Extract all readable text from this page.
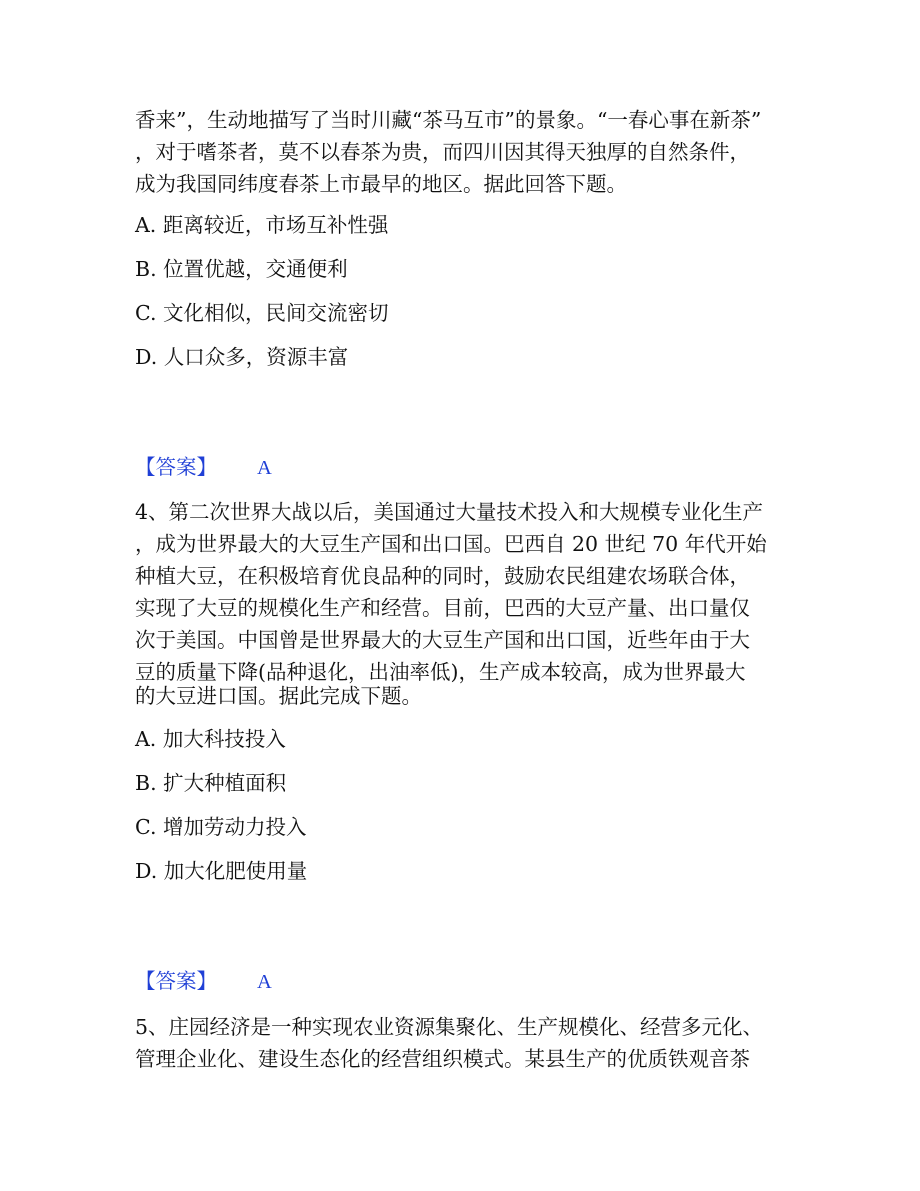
香来”，生动地描写了当时川藏“茶马互市”的景象。“一春心事在新茶”
，对于嗜茶者，莫不以春茶为贵，而四川因其得天独厚的自然条件，
成为我国同纬度春茶上市最早的地区。据此回答下题。
A. 距离较近，市场互补性强
B. 位置优越，交通便利
C. 文化相似，民间交流密切
D. 人口众多，资源丰富
【答案】 A
4、第二次世界大战以后，美国通过大量技术投入和大规模专业化生产
，成为世界最大的大豆生产国和出口国。巴西自 20 世纪 70 年代开始
种植大豆，在积极培育优良品种的同时，鼓励农民组建农场联合体，
实现了大豆的规模化生产和经营。目前，巴西的大豆产量、出口量仅
次于美国。中国曾是世界最大的大豆生产国和出口国，近些年由于大
豆的质量下降(品种退化，出油率低)，生产成本较高，成为世界最大
的大豆进口国。据此完成下题。
A. 加大科技投入
B. 扩大种植面积
C. 增加劳动力投入
D. 加大化肥使用量
【答案】 A
5、庄园经济是一种实现农业资源集聚化、生产规模化、经营多元化、
管理企业化、建设生态化的经营组织模式。某县生产的优质铁观音茶
